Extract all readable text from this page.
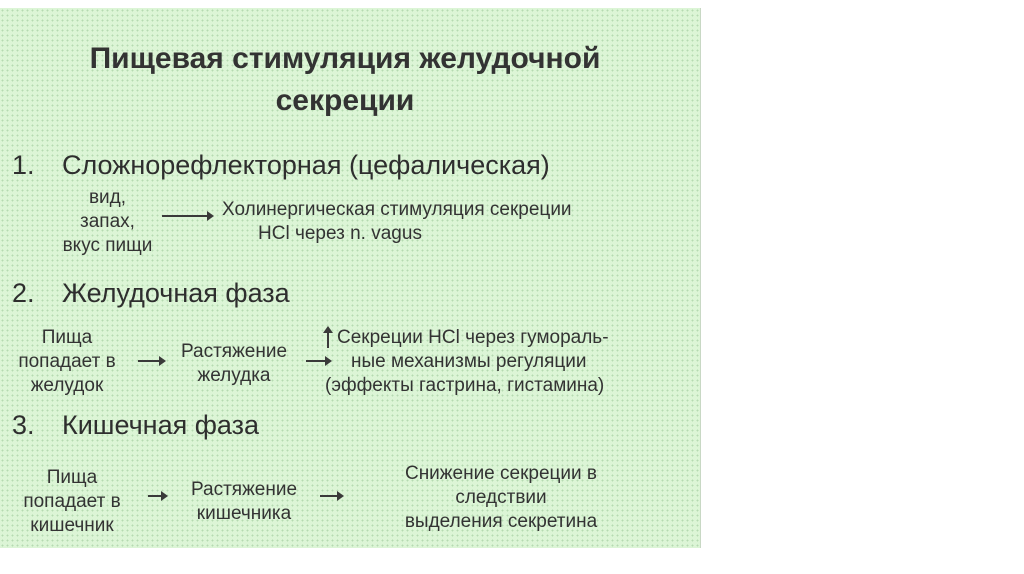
Пищевая стимуляция желудочной
секреции
1. Сложнорефлекторная (цефалическая)
вид,
запах,
вкус пищи
Холинергическая стимуляция секреции
HCl через n. vagus
2. Желудочная фаза
Пища
попадает в
желудок
Растяжение
желудка
Секреции HCl через гумораль-
ные механизмы регуляции
(эффекты гастрина, гистамина)
3. Кишечная фаза
Пища
попадает в
кишечник
Растяжение
кишечника
Снижение секреции в
следствии
выделения секретина
